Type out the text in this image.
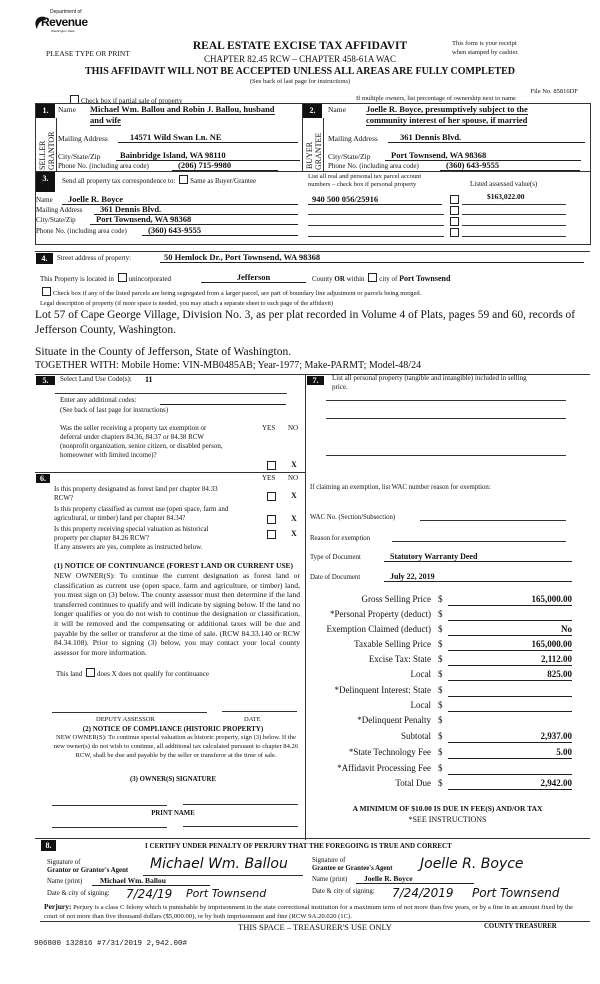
Department of
Revenue
Washington State
PLEASE TYPE OR PRINT
REAL ESTATE EXCISE TAX AFFIDAVIT
CHAPTER 82.45 RCW – CHAPTER 458-61A WAC
THIS AFFIDAVIT WILL NOT BE ACCEPTED UNLESS ALL AREAS ARE FULLY COMPLETED
(See back of last page for instructions)
This form is your receipt
when stamped by cashier.
File No. 85816DF
Check box if partial sale of property	If multiple owners, list percentage of ownership next to name
1.
SELLER
GRANTOR
Name Michael Wm. Ballou and Robin J. Ballou, husband
and wife
Mailing Address	14571 Wild Swan Ln. NE
City/State/Zip	Bainbridge Island, WA 98110
Phone No. (including area code)	(206) 715-9980
2.
BUYER
GRANTEE
Name Joelle R. Boyce, presumptively subject to the
community interest of her spouse, if married
Mailing Address	361 Dennis Blvd.
City/State/Zip	Port Townsend, WA 98368
Phone No. (including area code)	(360) 643-9555
3.	Send all property tax correspondence to: Same as Buyer/Grantee
Name	Joelle R. Boyce
Mailing Address	361 Dennis Blvd.
City/State/Zip	Port Townsend, WA 98368
Phone No. (including area code)	(360) 643-9555
List all real and personal tax parcel account
numbers – check box if personal property	Listed assessed value(s)
$163,022.00
940 500 056/25916
4.	Street address of property:	50 Hemlock Dr., Port Townsend, WA 98368
This Property is located in unincorporated	Jefferson	County OR within city of Port Townsend
Check box if any of the listed parcels are being segregated from a larger parcel, are part of boundary line adjustment or parcels being merged.
Legal description of property (if more space is needed, you may attach a separate sheet to each page of the affidavit)
Lot 57 of Cape George Village, Division No. 3, as per plat recorded in Volume 4 of Plats, pages 59 and 60, records of
Jefferson County, Washington.
Situate in the County of Jefferson, State of Washington.
TOGETHER WITH: Mobile Home: VIN-MB0485AB; Year-1977; Make-PARMT; Model-48/24
5.	Select Land Use Code(s): 11
Enter any additional codes:
(See back of last page for instructions)
Was the seller receiving a property tax exemption or
deferral under chapters 84.36, 84.37 or 84.38 RCW
(nonprofit organization, senior citizen, or disabled person,
homeowner with limited income)?
YES NO
X
6.	YES NO
Is this property designated as forest land per chapter 84.33
RCW?
Is this property classified as current use (open space, farm and
agricultural, or timber) land per chapter 84.34?
Is this property receiving special valuation as historical
property per chapter 84.26 RCW?
If any answers are yes, complete as instructed below.
X
X
X
(1) NOTICE OF CONTINUANCE (FOREST LAND OR CURRENT USE)

NEW OWNER(S): To continue the current designation as forest land or classification as current use (open space, farm and agriculture, or timber) land, you must sign on (3) below. The county assessor must then determine if the land transferred continues to qualify and will indicate by signing below. If the land no longer qualifies or you do not wish to continue the designation or classification, it will be removed and the compensating or additional taxes will be due and payable by the seller or transferor at the time of sale. (RCW 84.33.140 or RCW 84.34.108). Prior to signing (3) below, you may contact your local county assessor for more information.

This land does X does not qualify for continuance
DEPUTY ASSESSOR	DATE
(2) NOTICE OF COMPLIANCE (HISTORIC PROPERTY)

NEW OWNER(S): To continue special valuation as historic property, sign (3) below. If the new owner(s) do not wish to continue, all additional tax calculated pursuant to chapter 84.26 RCW, shall be due and payable by the seller or transferor at the time of sale.

(3) OWNER(S) SIGNATURE
PRINT NAME
7.	List all personal property (tangible and intangible) included in selling
price.
If claiming an exemption, list WAC number reason for exemption:
WAC No. (Section/Subsection)
Reason for exemption
Type of Document	Statutory Warranty Deed
Date of Document	July 22, 2019
Gross Selling Price $	165,000.00
*Personal Property (deduct) $
Exemption Claimed (deduct) $	No
Taxable Selling Price $	165,000.00
Excise Tax: State $	2,112.00
Local $	825.00
*Delinquent Interest: State $
Local $
*Delinquent Penalty $
Subtotal $	2,937.00
*State Technology Fee $	5.00
*Affidavit Processing Fee $
Total Due $	2,942.00
A MINIMUM OF $10.00 IS DUE IN FEE(S) AND/OR TAX
*SEE INSTRUCTIONS
8.	I CERTIFY UNDER PENALTY OF PERJURY THAT THE FOREGOING IS TRUE AND CORRECT
Signature of
Grantor or Grantor's Agent Michael Wm. Ballou
Name (print)	Michael Wm. Ballou
Date & city of signing: 7/24/19 Port Townsend
Signature of
Grantee or Grantee's Agent Joelle R. Boyce
Name (print)	Joelle R. Boyce
Date & city of signing: 7/24/2019 Port Townsend

Perjury: Perjury is a class C felony which is punishable by imprisonment in the state correctional institution for a maximum term of not more than five years, or by a fine in an amount fixed by the court of not more than five thousand dollars ($5,000.00), or by both imprisonment and fine (RCW 9A.20.020 (1C).

THIS SPACE – TREASURER'S USE ONLY	COUNTY TREASURER
906800 132816 #7/31/2019 2,942.00#
